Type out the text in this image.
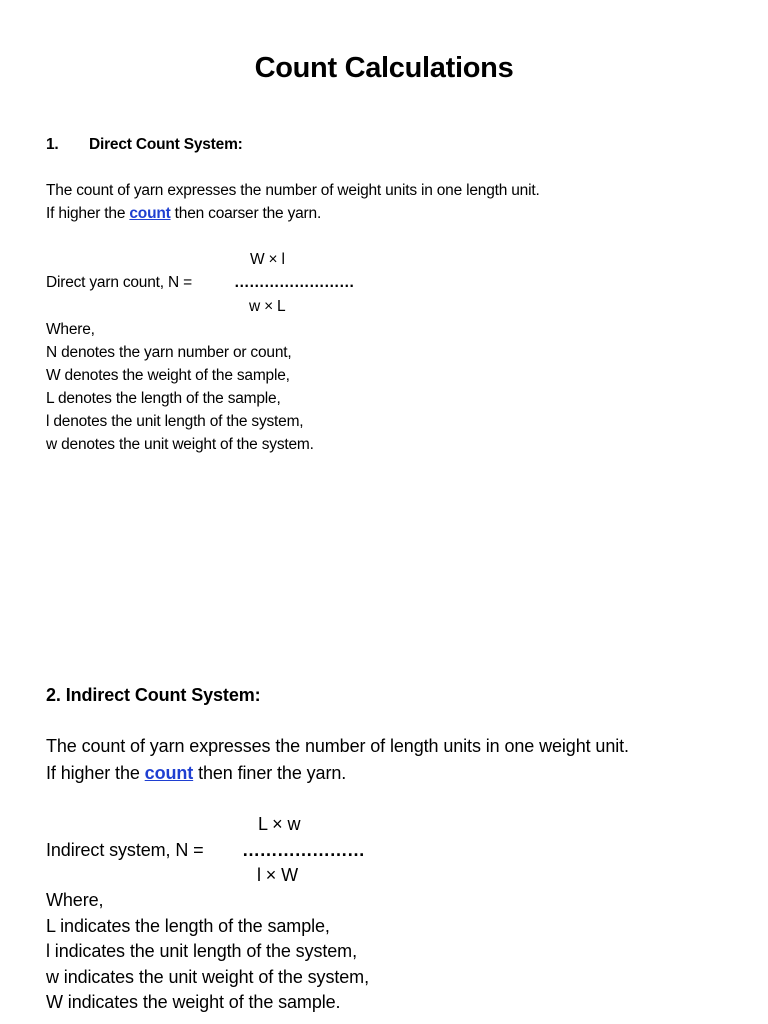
Count Calculations
1. Direct Count System:
The count of yarn expresses the number of weight units in one length unit.
If higher the count then coarser the yarn.
W × l
Direct yarn count, N =	……………………
w × L
Where,
N denotes the yarn number or count,
W denotes the weight of the sample,
L denotes the length of the sample,
l denotes the unit length of the system,
w denotes the unit weight of the system.
2. Indirect Count System:
The count of yarn expresses the number of length units in one weight unit.
If higher the count then finer the yarn.
L × w
Indirect system, N = …………………
l × W
Where,
L indicates the length of the sample,
l indicates the unit length of the system,
w indicates the unit weight of the system,
W indicates the weight of the sample.
